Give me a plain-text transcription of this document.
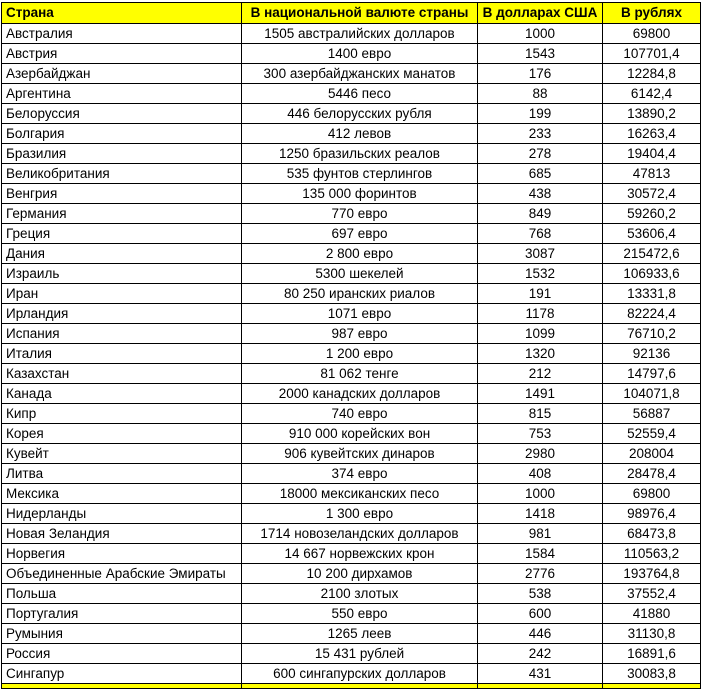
Страна	В национальной валюте страны	В долларах США	В рублях
Австралия	1505 австралийских долларов	1000	69800
Австрия	1400 евро	1543	107701,4
Азербайджан	300 азербайджанских манатов	176	12284,8
Аргентина	5446 песо	88	6142,4
Белоруссия	446 белорусских рубля	199	13890,2
Болгария	412 левов	233	16263,4
Бразилия	1250 бразильских реалов	278	19404,4
Великобритания	535 фунтов стерлингов	685	47813
Венгрия	135 000 форинтов	438	30572,4
Германия	770 евро	849	59260,2
Греция	697 евро	768	53606,4
Дания	2 800 евро	3087	215472,6
Израиль	5300 шекелей	1532	106933,6
Иран	80 250 иранских риалов	191	13331,8
Ирландия	1071 евро	1178	82224,4
Испания	987 евро	1099	76710,2
Италия	1 200 евро	1320	92136
Казахстан	81 062 тенге	212	14797,6
Канада	2000 канадских долларов	1491	104071,8
Кипр	740 евро	815	56887
Корея	910 000 корейских вон	753	52559,4
Кувейт	906 кувейтских динаров	2980	208004
Литва	374 евро	408	28478,4
Мексика	18000 мексиканских песо	1000	69800
Нидерланды	1 300 евро	1418	98976,4
Новая Зеландия	1714 новозеландских долларов	981	68473,8
Норвегия	14 667 норвежских крон	1584	110563,2
Объединенные Арабские Эмираты	10 200 дирхамов	2776	193764,8
Польша	2100 злотых	538	37552,4
Португалия	550 евро	600	41880
Румыния	1265 леев	446	31130,8
Россия	15 431 рублей	242	16891,6
Сингапур	600 сингапурских долларов	431	30083,8
